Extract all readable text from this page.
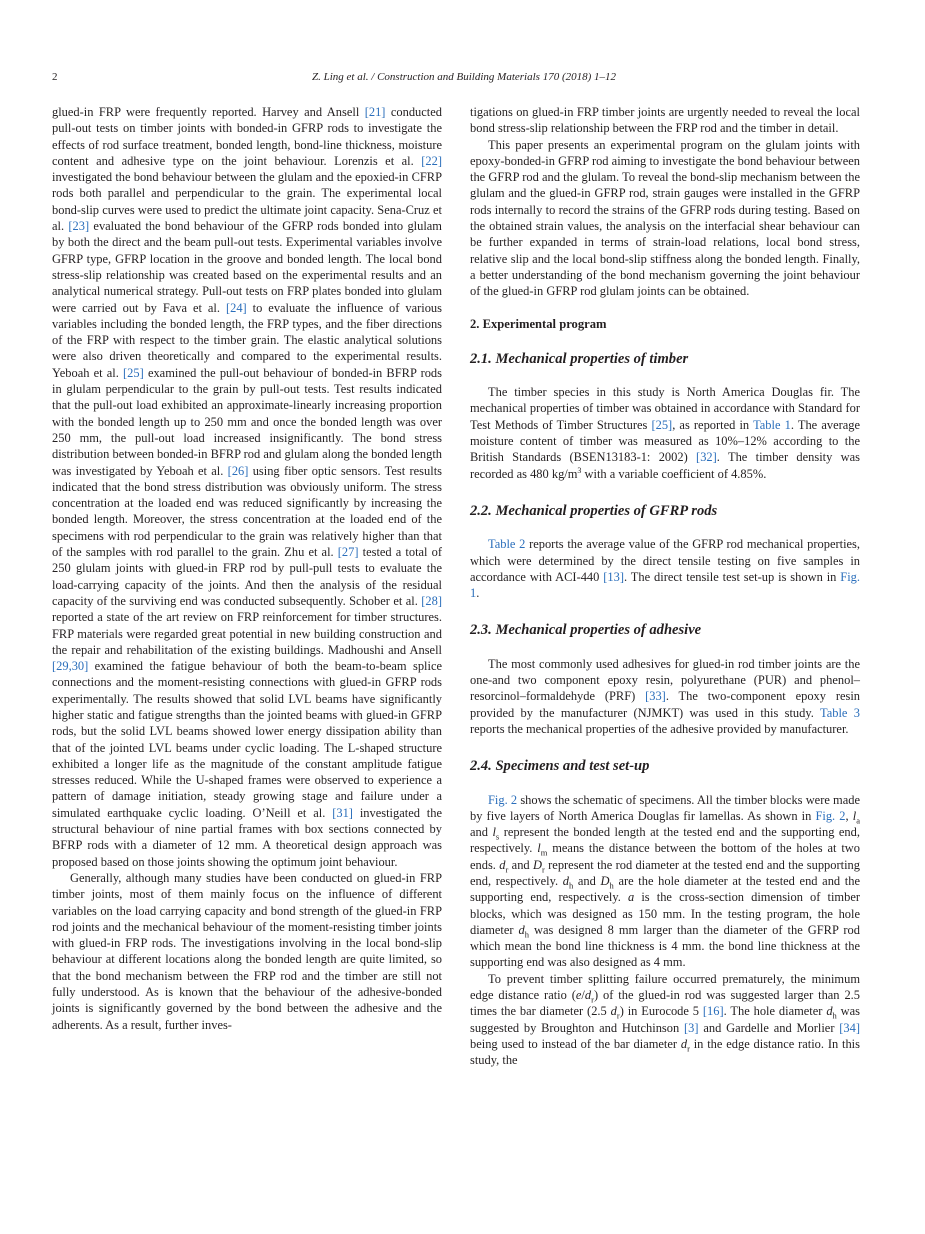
2	Z. Ling et al. / Construction and Building Materials 170 (2018) 1–12

glued-in FRP were frequently reported. Harvey and Ansell [21] conducted pull-out tests on timber joints with bonded-in GFRP rods to investigate the effects of rod surface treatment, bonded length, bond-line thickness, moisture content and adhesive type on the joint behaviour. Lorenzis et al. [22] investigated the bond behaviour between the glulam and the epoxied-in CFRP rods both parallel and perpendicular to the grain. The experimental local bond-slip curves were used to predict the ultimate joint capacity. Sena-Cruz et al. [23] evaluated the bond behaviour of the GFRP rods bonded into glulam by both the direct and the beam pull-out tests. Experimental variables involve GFRP type, GFRP location in the groove and bonded length. The local bond stress-slip relationship was created based on the experimental results and an analytical numerical strategy. Pull-out tests on FRP plates bonded into glulam were carried out by Fava et al. [24] to evaluate the influence of various variables including the bonded length, the FRP types, and the fiber directions of the FRP with respect to the timber grain. The elastic analytical solutions were also driven theoretically and compared to the experimental results. Yeboah et al. [25] examined the pull-out behaviour of bonded-in BFRP rods in glulam perpendicular to the grain by pull-out tests. Test results indicated that the pull-out load exhibited an approximate-linearly increasing proportion with the bonded length up to 250 mm and once the bonded length was over 250 mm, the pull-out load increased insignificantly. The bond stress distribution between bonded-in BFRP rod and glulam along the bonded length was investigated by Yeboah et al. [26] using fiber optic sensors. Test results indicated that the bond stress distribution was obviously uniform. The stress concentration at the loaded end was reduced significantly by increasing the bonded length. Moreover, the stress concentration at the loaded end of the specimens with rod perpendicular to the grain was relatively higher than that of the samples with rod parallel to the grain. Zhu et al. [27] tested a total of 250 glulam joints with glued-in FRP rod by pull-pull tests to evaluate the load-carrying capacity of the joints. And then the analysis of the residual capacity of the surviving end was conducted subsequently. Schober et al. [28] reported a state of the art review on FRP reinforcement for timber structures. FRP materials were regarded great potential in new building construction and the repair and rehabilitation of the existing buildings. Madhoushi and Ansell [29,30] examined the fatigue behaviour of both the beam-to-beam splice connections and the moment-resisting connections with glued-in GFRP rods experimentally. The results showed that solid LVL beams have significantly higher static and fatigue strengths than the jointed beams with glued-in GFRP rods, but the solid LVL beams showed lower energy dissipation ability than that of the jointed LVL beams under cyclic loading. The L-shaped structure exhibited a longer life as the magnitude of the constant amplitude fatigue stresses reduced. While the U-shaped frames were observed to experience a pattern of damage initiation, steady growing stage and failure under a simulated earthquake cyclic loading. O’Neill et al. [31] investigated the structural behaviour of nine partial frames with box sections connected by BFRP rods with a diameter of 12 mm. A theoretical design approach was proposed based on those joints showing the optimum joint behaviour.

Generally, although many studies have been conducted on glued-in FRP timber joints, most of them mainly focus on the influence of different variables on the load carrying capacity and bond strength of the glued-in FRP rod joints and the mechanical behaviour of the moment-resisting timber joints with glued-in FRP rods. The investigations involving in the local bond-slip behaviour at different locations along the bonded length are quite limited, so that the bond mechanism between the FRP rod and the timber are still not fully understood. As is known that the behaviour of the adhesive-bonded joints is significantly governed by the bond between the adhesive and the adherents. As a result, further inves-

tigations on glued-in FRP timber joints are urgently needed to reveal the local bond stress-slip relationship between the FRP rod and the timber in detail.

This paper presents an experimental program on the glulam joints with epoxy-bonded-in GFRP rod aiming to investigate the bond behaviour between the GFRP rod and the glulam. To reveal the bond-slip mechanism between the glulam and the glued-in GFRP rod, strain gauges were installed in the GFRP rods internally to record the strains of the GFRP rods during testing. Based on the obtained strain values, the analysis on the interfacial shear behaviour can be further expanded in terms of strain-load relations, local bond stress, relative slip and the local bond-slip stiffness along the bonded length. Finally, a better understanding of the bond mechanism governing the joint behaviour of the glued-in GFRP rod glulam joints can be obtained.

2. Experimental program
2.1. Mechanical properties of timber

The timber species in this study is North America Douglas fir. The mechanical properties of timber was obtained in accordance with Standard for Test Methods of Timber Structures [25], as reported in Table 1. The average moisture content of timber was measured as 10%–12% according to the British Standards (BSEN13183-1: 2002) [32]. The timber density was recorded as 480 $kg/m^3$ with a variable coefficient of 4.85%.

2.2. Mechanical properties of GFRP rods

Table 2 reports the average value of the GFRP rod mechanical properties, which were determined by the direct tensile testing on five samples in accordance with ACI-440 [13]. The direct tensile test set-up is shown in Fig. 1.

2.3. Mechanical properties of adhesive

The most commonly used adhesives for glued-in rod timber joints are the one-and two component epoxy resin, polyurethane (PUR) and phenol–resorcinol–formaldehyde (PRF) [33]. The two-component epoxy resin provided by the manufacturer (NJMKT) was used in this study. Table 3 reports the mechanical properties of the adhesive provided by manufacturer.

2.4. Specimens and test set-up

Fig. 2 shows the schematic of specimens. All the timber blocks were made by five layers of North America Douglas fir lamellas. As shown in Fig. 2, $l_a$ and $l_s$ represent the bonded length at the tested end and the supporting end, respectively. $l_m$ means the distance between the bottom of the holes at two ends. $d_r$ and $D_r$ represent the rod diameter at the tested end and the supporting end, respectively. $d_h$ and $D_h$ are the hole diameter at the tested end and the supporting end, respectively. a is the cross-section dimension of timber blocks, which was designed as 150 mm. In the testing program, the hole diameter $d_h$ was designed 8 mm larger than the diameter of the GFRP rod which mean the bond line thickness is 4 mm. the bond line thickness at the supporting end was also designed as 4 mm.

To prevent timber splitting failure occurred prematurely, the minimum edge distance ratio $(e/d_r)$ of the glued-in rod was suggested larger than 2.5 times the bar diameter (2.5 $d_r$) in Eurocode 5 [16]. The hole diameter $d_h$ was suggested by Broughton and Hutchinson [3] and Gardelle and Morlier [34] being used to instead of the bar diameter $d_r$ in the edge distance ratio. In this study, the
